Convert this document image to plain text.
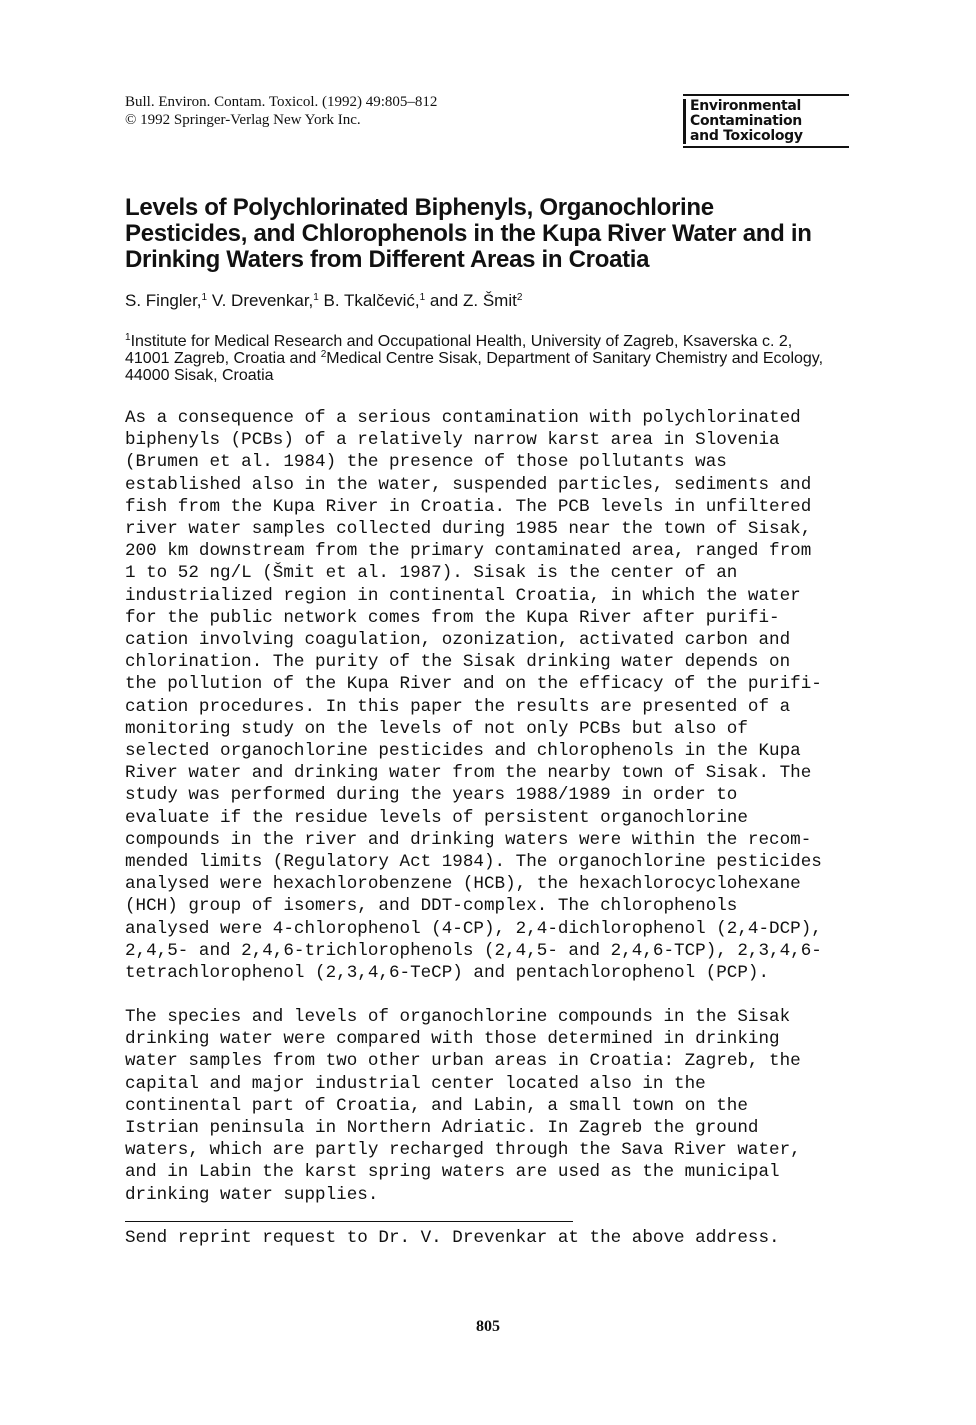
Bull. Environ. Contam. Toxicol. (1992) 49:805–812
© 1992 Springer-Verlag New York Inc.
Environmental
Contamination
and Toxicology
Levels of Polychlorinated Biphenyls, Organochlorine Pesticides, and Chlorophenols in the Kupa River Water and in Drinking Waters from Different Areas in Croatia
S. Fingler,$^1$ V. Drevenkar,$^1$ B. Tkalčević,$^1$ and Z. Šmit$^2$
$^1$Institute for Medical Research and Occupational Health, University of Zagreb, Ksaverska c. 2, 41001 Zagreb, Croatia and $^2$Medical Centre Sisak, Department of Sanitary Chemistry and Ecology, 44000 Sisak, Croatia
As a consequence of a serious contamination with polychlorinated
biphenyls (PCBs) of a relatively narrow karst area in Slovenia
(Brumen et al. 1984) the presence of those pollutants was
established also in the water, suspended particles, sediments and
fish from the Kupa River in Croatia. The PCB levels in unfiltered
river water samples collected during 1985 near the town of Sisak,
200 km downstream from the primary contaminated area, ranged from
1 to 52 ng/L (Šmit et al. 1987). Sisak is the center of an
industrialized region in continental Croatia, in which the water
for the public network comes from the Kupa River after purifi-
cation involving coagulation, ozonization, activated carbon and
chlorination. The purity of the Sisak drinking water depends on
the pollution of the Kupa River and on the efficacy of the purifi-
cation procedures. In this paper the results are presented of a
monitoring study on the levels of not only PCBs but also of
selected organochlorine pesticides and chlorophenols in the Kupa
River water and drinking water from the nearby town of Sisak. The
study was performed during the years 1988/1989 in order to
evaluate if the residue levels of persistent organochlorine
compounds in the river and drinking waters were within the recom-
mended limits (Regulatory Act 1984). The organochlorine pesticides
analysed were hexachlorobenzene (HCB), the hexachlorocyclohexane
(HCH) group of isomers, and DDT-complex. The chlorophenols
analysed were 4-chlorophenol (4-CP), 2,4-dichlorophenol (2,4-DCP),
2,4,5- and 2,4,6-trichlorophenols (2,4,5- and 2,4,6-TCP), 2,3,4,6-
tetrachlorophenol (2,3,4,6-TeCP) and pentachlorophenol (PCP).
The species and levels of organochlorine compounds in the Sisak
drinking water were compared with those determined in drinking
water samples from two other urban areas in Croatia: Zagreb, the
capital and major industrial center located also in the
continental part of Croatia, and Labin, a small town on the
Istrian peninsula in Northern Adriatic. In Zagreb the ground
waters, which are partly recharged through the Sava River water,
and in Labin the karst spring waters are used as the municipal
drinking water supplies.
Send reprint request to Dr. V. Drevenkar at the above address.
805
